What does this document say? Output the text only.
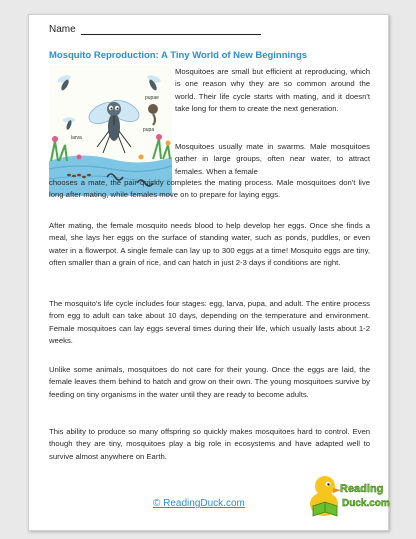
Name
Mosquito Reproduction: A Tiny World of New Beginnings
larva
pupae
pupa

Mosquitoes are small but efficient at reproducing, which is one reason why they are so common around the world. Their life cycle starts with mating, and it doesn't take long for them to create the next generation.

Mosquitoes usually mate in swarms. Male mosquitoes gather in large groups, often near water, to attract females. When a female

chooses a mate, the pair quickly completes the mating process. Male mosquitoes don't live long after mating, while females move on to prepare for laying eggs.

After mating, the female mosquito needs blood to help develop her eggs. Once she finds a meal, she lays her eggs on the surface of standing water, such as ponds, puddles, or even water in a flowerpot. A single female can lay up to 300 eggs at a time! Mosquito eggs are tiny, often smaller than a grain of rice, and can hatch in just 2-3 days if conditions are right.

The mosquito's life cycle includes four stages: egg, larva, pupa, and adult. The entire process from egg to adult can take about 10 days, depending on the temperature and environment. Female mosquitoes can lay eggs several times during their life, which usually lasts about 1-2 weeks.

Unlike some animals, mosquitoes do not care for their young. Once the eggs are laid, the female leaves them behind to hatch and grow on their own. The young mosquitoes survive by feeding on tiny organisms in the water until they are ready to become adults.

This ability to produce so many offspring so quickly makes mosquitoes hard to control. Even though they are tiny, mosquitoes play a big role in ecosystems and have adapted well to survive almost anywhere on Earth.

© ReadingDuck.com
Reading
Duck.com
